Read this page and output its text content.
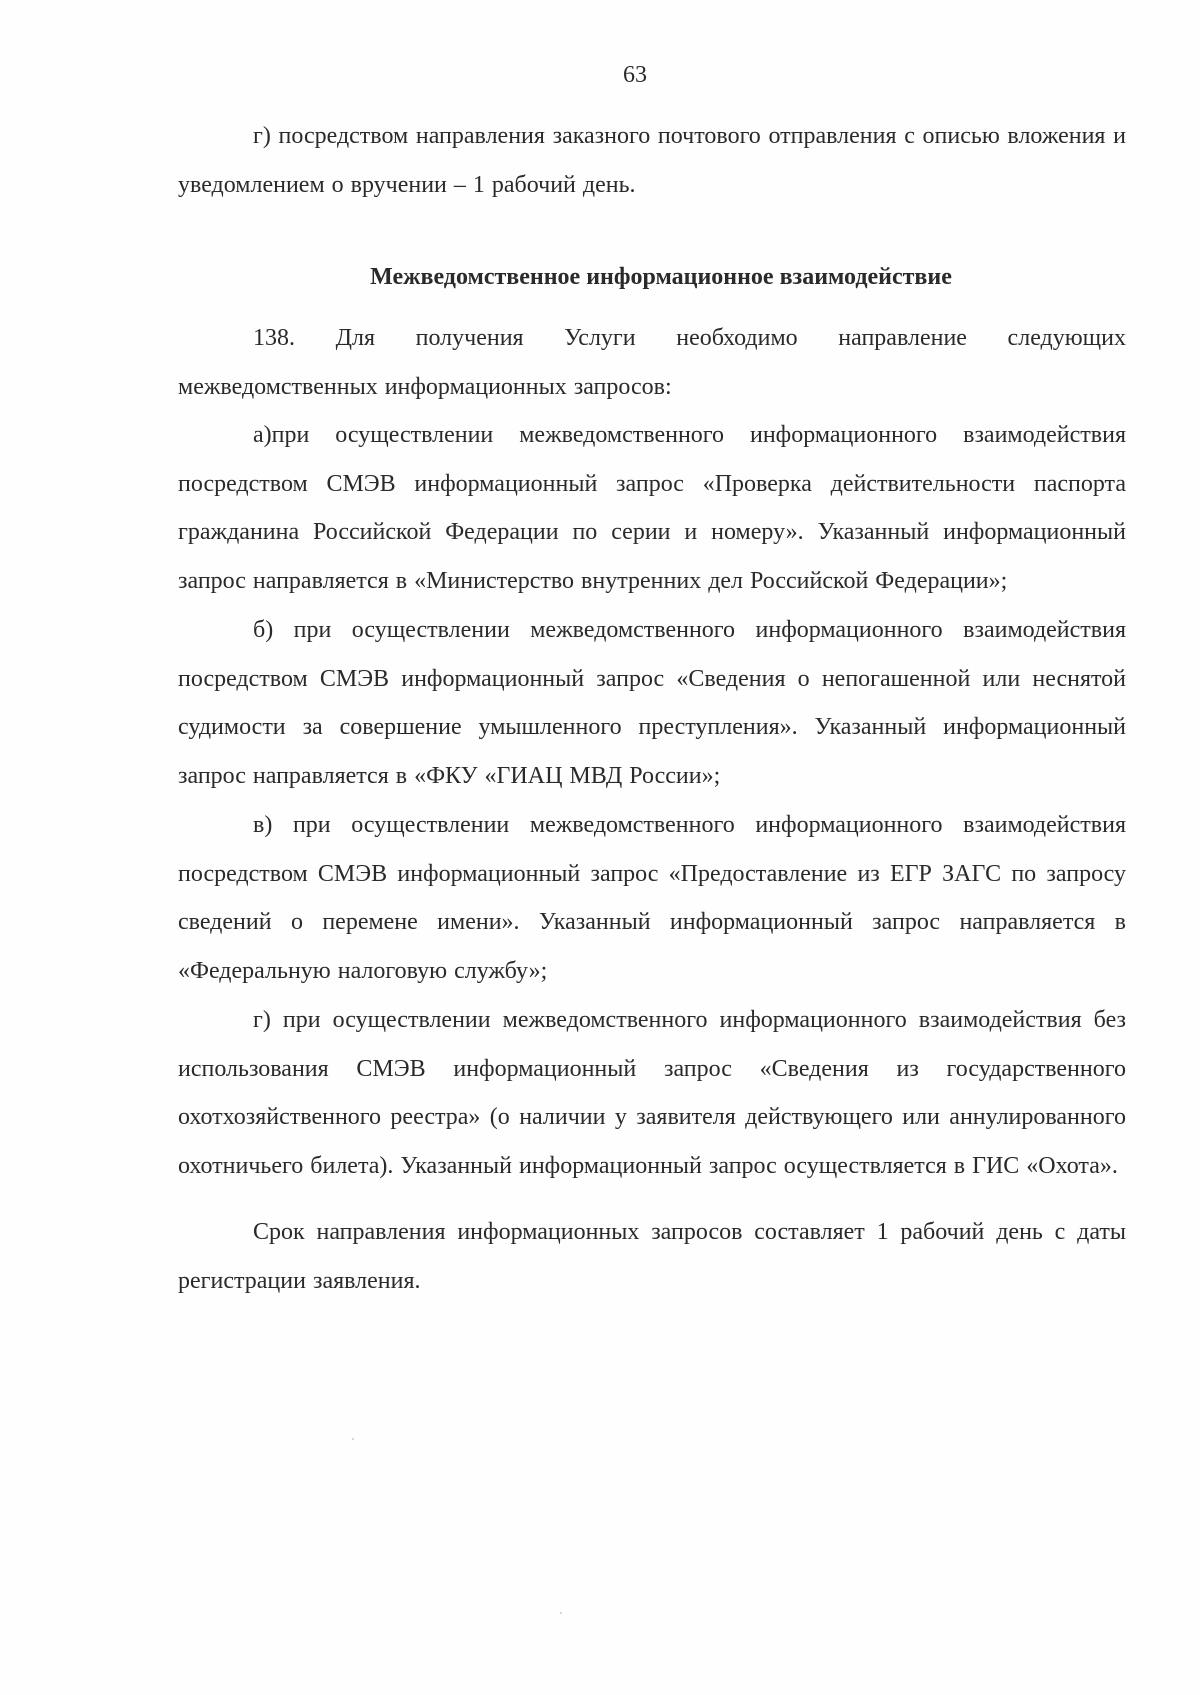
63

г) посредством направления заказного почтового отправления с описью вложения и уведомлением о вручении – 1 рабочий день.

Межведомственное информационное взаимодействие

138. Для получения Услуги необходимо направление следующих межведомственных информационных запросов:

а)при осуществлении межведомственного информационного взаимодействия посредством СМЭВ информационный запрос «Проверка действительности паспорта гражданина Российской Федерации по серии и номеру». Указанный информационный запрос направляется в «Министерство внутренних дел Российской Федерации»;

б) при осуществлении межведомственного информационного взаимодействия посредством СМЭВ информационный запрос «Сведения о непогашенной или неснятой судимости за совершение умышленного преступления». Указанный информационный запрос направляется в «ФКУ «ГИАЦ МВД России»;

в) при осуществлении межведомственного информационного взаимодействия посредством СМЭВ информационный запрос «Предоставление из ЕГР ЗАГС по запросу сведений о перемене имени». Указанный информационный запрос направляется в «Федеральную налоговую службу»;

г) при осуществлении межведомственного информационного взаимодействия без использования СМЭВ информационный запрос «Сведения из государственного охотхозяйственного реестра» (о наличии у заявителя действующего или аннулированного охотничьего билета). Указанный информационный запрос осуществляется в ГИС «Охота».

Срок направления информационных запросов составляет 1 рабочий день с даты регистрации заявления.
